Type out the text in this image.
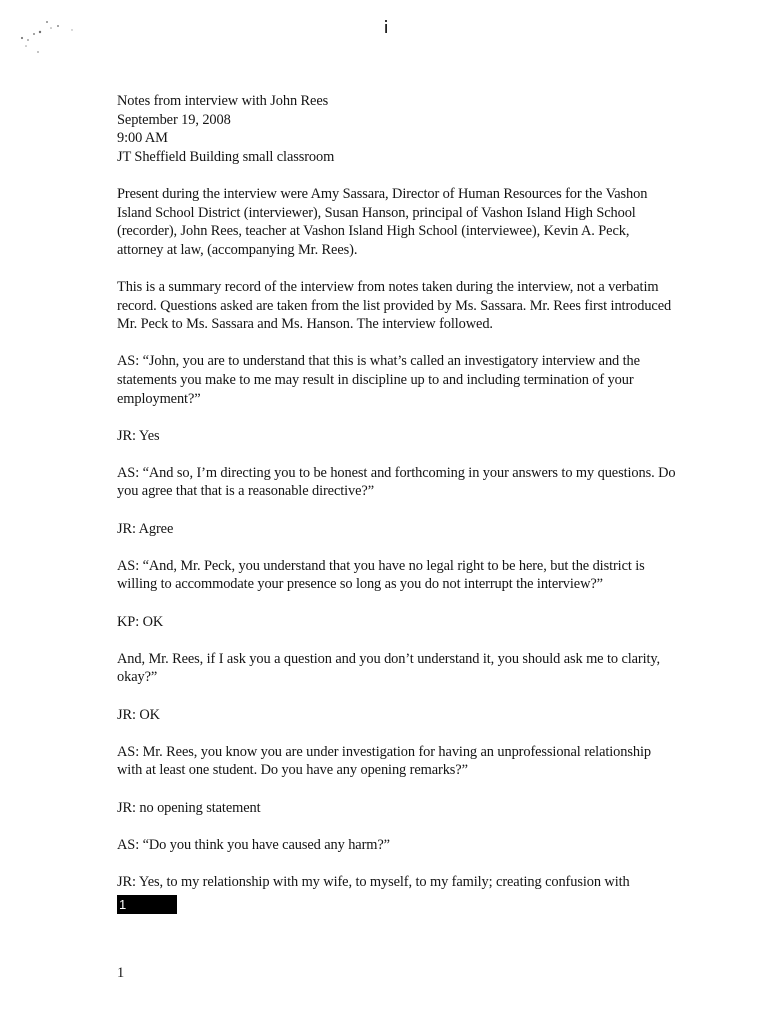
Notes from interview with John Rees
September 19, 2008
9:00 AM
JT Sheffield Building small classroom

Present during the interview were Amy Sassara, Director of Human Resources for the Vashon Island School District (interviewer), Susan Hanson, principal of Vashon Island High School (recorder), John Rees, teacher at Vashon Island High School (interviewee), Kevin A. Peck, attorney at law, (accompanying Mr. Rees).

This is a summary record of the interview from notes taken during the interview, not a verbatim record. Questions asked are taken from the list provided by Ms. Sassara. Mr. Rees first introduced Mr. Peck to Ms. Sassara and Ms. Hanson. The interview followed.

AS: “John, you are to understand that this is what’s called an investigatory interview and the statements you make to me may result in discipline up to and including termination of your employment?”

JR: Yes

AS: “And so, I’m directing you to be honest and forthcoming in your answers to my questions. Do you agree that that is a reasonable directive?”

JR: Agree

AS: “And, Mr. Peck, you understand that you have no legal right to be here, but the district is willing to accommodate your presence so long as you do not interrupt the interview?”

KP: OK

And, Mr. Rees, if I ask you a question and you don’t understand it, you should ask me to clarity, okay?”

JR: OK

AS: Mr. Rees, you know you are under investigation for having an unprofessional relationship with at least one student. Do you have any opening remarks?”

JR: no opening statement

AS: “Do you think you have caused any harm?”

JR: Yes, to my relationship with my wife, to myself, to my family; creating confusion with1

1
